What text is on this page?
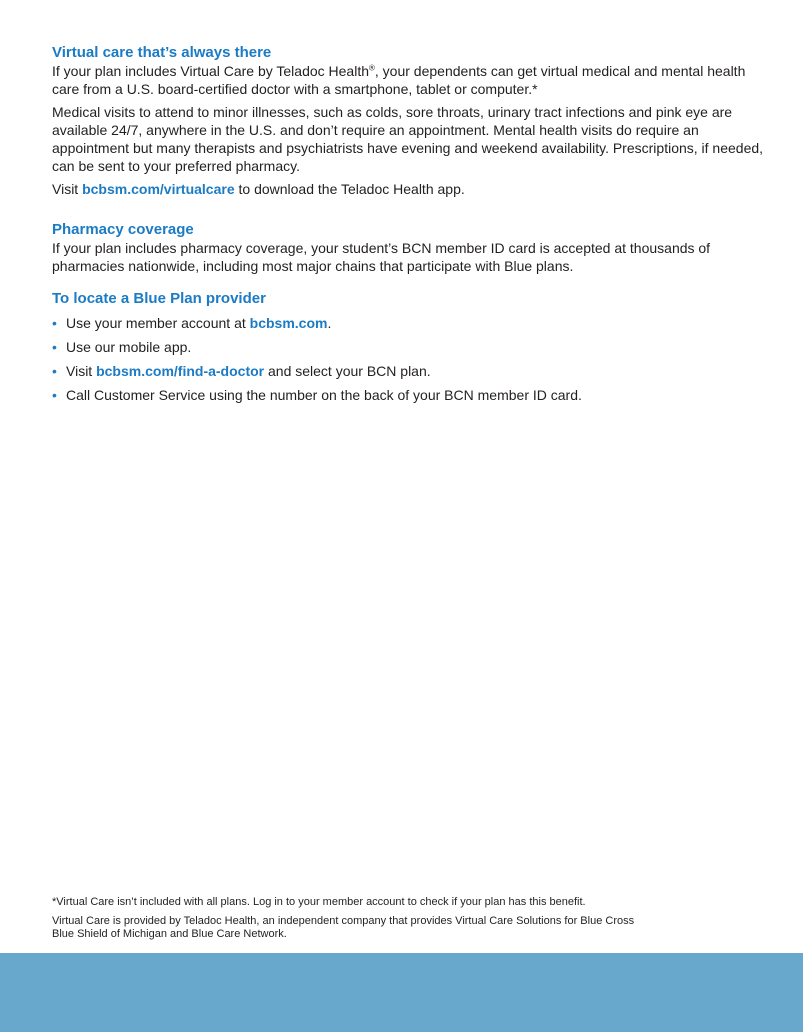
Virtual care that’s always there

If your plan includes Virtual Care by Teladoc Health®, your dependents can get virtual medical and mental health care from a U.S. board-certified doctor with a smartphone, tablet or computer.*

Medical visits to attend to minor illnesses, such as colds, sore throats, urinary tract infections and pink eye are available 24/7, anywhere in the U.S. and don’t require an appointment. Mental health visits do require an appointment but many therapists and psychiatrists have evening and weekend availability. Prescriptions, if needed, can be sent to your preferred pharmacy.

Visit bcbsm.com/virtualcare to download the Teladoc Health app.

Pharmacy coverage

If your plan includes pharmacy coverage, your student’s BCN member ID card is accepted at thousands of pharmacies nationwide, including most major chains that participate with Blue plans.

To locate a Blue Plan provider
• Use your member account at bcbsm.com.
• Use our mobile app.
• Visit bcbsm.com/find-a-doctor and select your BCN plan.
• Call Customer Service using the number on the back of your BCN member ID card.

*Virtual Care isn’t included with all plans. Log in to your member account to check if your plan has this benefit.

Virtual Care is provided by Teladoc Health, an independent company that provides Virtual Care Solutions for Blue Cross Blue Shield of Michigan and Blue Care Network.
